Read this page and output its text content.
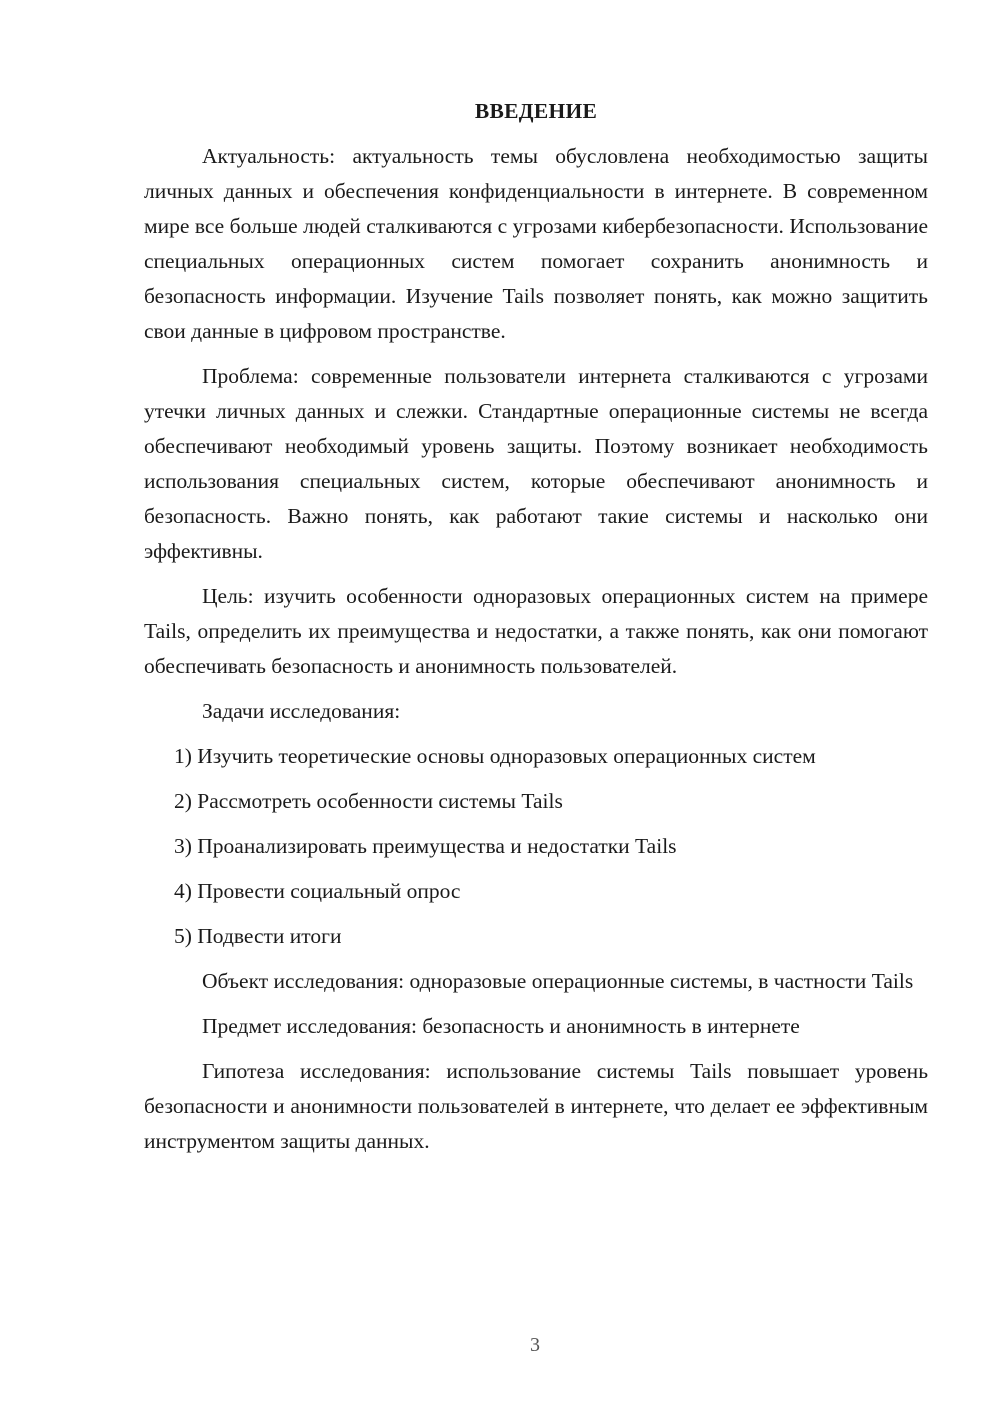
ВВЕДЕНИЕ

Актуальность: актуальность темы обусловлена необходимостью защиты личных данных и обеспечения конфиденциальности в интернете. В современном мире все больше людей сталкиваются с угрозами кибербезопасности. Использование специальных операционных систем помогает сохранить анонимность и безопасность информации. Изучение Tails позволяет понять, как можно защитить свои данные в цифровом пространстве.

Проблема: современные пользователи интернета сталкиваются с угрозами утечки личных данных и слежки. Стандартные операционные системы не всегда обеспечивают необходимый уровень защиты. Поэтому возникает необходимость использования специальных систем, которые обеспечивают анонимность и безопасность. Важно понять, как работают такие системы и насколько они эффективны.

Цель: изучить особенности одноразовых операционных систем на примере Tails, определить их преимущества и недостатки, а также понять, как они помогают обеспечивать безопасность и анонимность пользователей.

Задачи исследования:

1) Изучить теоретические основы одноразовых операционных систем
2) Рассмотреть особенности системы Tails
3) Проанализировать преимущества и недостатки Tails
4) Провести социальный опрос
5) Подвести итоги

Объект исследования: одноразовые операционные системы, в частности Tails

Предмет исследования: безопасность и анонимность в интернете

Гипотеза исследования: использование системы Tails повышает уровень безопасности и анонимности пользователей в интернете, что делает ее эффективным инструментом защиты данных.

3
